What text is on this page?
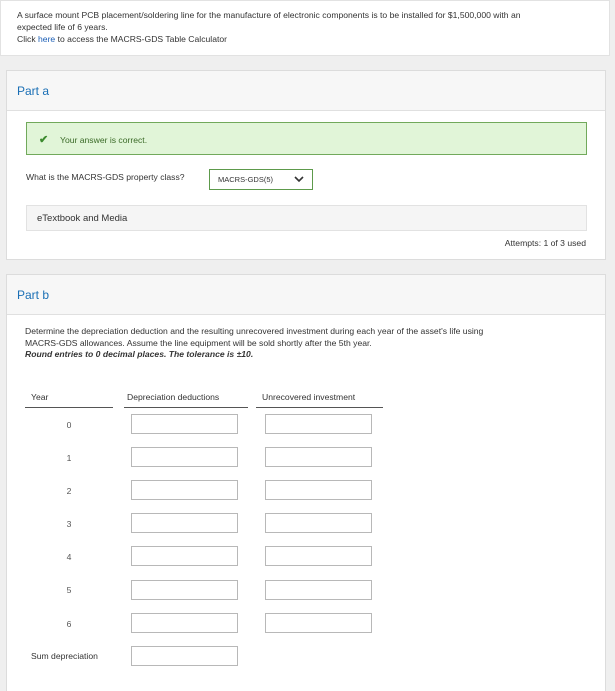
A surface mount PCB placement/soldering line for the manufacture of electronic components is to be installed for $1,500,000 with an
expected life of 6 years.
Click here to access the MACRS-GDS Table Calculator
Part a
✔ Your answer is correct.
What is the MACRS-GDS property class?	MACRS-GDS(5)
eTextbook and Media
Attempts: 1 of 3 used
Part b
Determine the depreciation deduction and the resulting unrecovered investment during each year of the asset's life using
MACRS-GDS allowances. Assume the line equipment will be sold shortly after the 5th year.
Round entries to 0 decimal places. The tolerance is ±10.
Year	Depreciation deductions	Unrecovered investment
0
1
2
3
4
5
6
Sum depreciation
